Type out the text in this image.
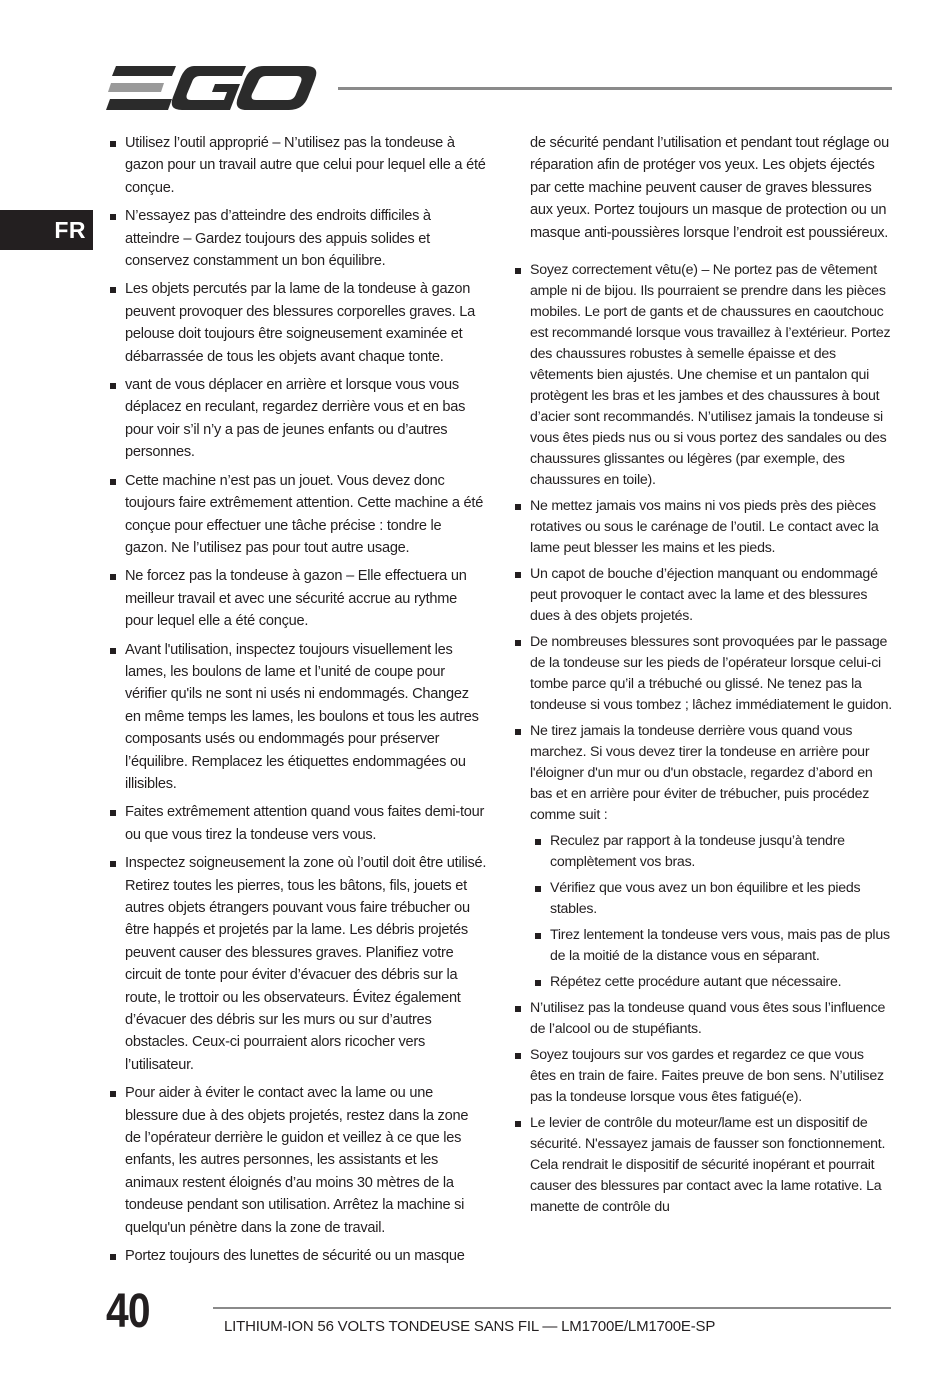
FR
Utilisez l’outil approprié – N’utilisez pas la tondeuse à gazon pour un travail autre que celui pour lequel elle a été conçue.
N’essayez pas d’atteindre des endroits difficiles à atteindre – Gardez toujours des appuis solides et conservez constamment un bon équilibre.
Les objets percutés par la lame de la tondeuse à gazon peuvent provoquer des blessures corporelles graves. La pelouse doit toujours être soigneusement examinée et débarrassée de tous les objets avant chaque tonte.
vant de vous déplacer en arrière et lorsque vous vous déplacez en reculant, regardez derrière vous et en bas pour voir s’il n’y a pas de jeunes enfants ou d’autres personnes.
Cette machine n’est pas un jouet. Vous devez donc toujours faire extrêmement attention. Cette machine a été conçue pour effectuer une tâche précise : tondre le gazon. Ne l’utilisez pas pour tout autre usage.
Ne forcez pas la tondeuse à gazon – Elle effectuera un meilleur travail et avec une sécurité accrue au rythme pour lequel elle a été conçue.
Avant l'utilisation, inspectez toujours visuellement les lames, les boulons de lame et l’unité de coupe pour vérifier qu'ils ne sont ni usés ni endommagés. Changez en même temps les lames, les boulons et tous les autres composants usés ou endommagés pour préserver l’équilibre. Remplacez les étiquettes endommagées ou illisibles.
Faites extrêmement attention quand vous faites demi-tour ou que vous tirez la tondeuse vers vous.
Inspectez soigneusement la zone où l’outil doit être utilisé. Retirez toutes les pierres, tous les bâtons, fils, jouets et autres objets étrangers pouvant vous faire trébucher ou être happés et projetés par la lame. Les débris projetés peuvent causer des blessures graves. Planifiez votre circuit de tonte pour éviter d’évacuer des débris sur la route, le trottoir ou les observateurs. Évitez également d’évacuer des débris sur les murs ou sur d’autres obstacles. Ceux-ci pourraient alors ricocher vers l’utilisateur.
Pour aider à éviter le contact avec la lame ou une blessure due à des objets projetés, restez dans la zone de l’opérateur derrière le guidon et veillez à ce que les enfants, les autres personnes, les assistants et les animaux restent éloignés d’au moins 30 mètres de la tondeuse pendant son utilisation. Arrêtez la machine si quelqu'un pénètre dans la zone de travail.
Portez toujours des lunettes de sécurité ou un masque
de sécurité pendant l’utilisation et pendant tout réglage ou réparation afin de protéger vos yeux. Les objets éjectés par cette machine peuvent causer de graves blessures aux yeux. Portez toujours un masque de protection ou un masque anti-poussières lorsque l’endroit est poussiéreux.
Soyez correctement vêtu(e) – Ne portez pas de vêtement ample ni de bijou. Ils pourraient se prendre dans les pièces mobiles. Le port de gants et de chaussures en caoutchouc est recommandé lorsque vous travaillez à l’extérieur. Portez des chaussures robustes à semelle épaisse et des vêtements bien ajustés. Une chemise et un pantalon qui protègent les bras et les jambes et des chaussures à bout d’acier sont recommandés. N’utilisez jamais la tondeuse si vous êtes pieds nus ou si vous portez des sandales ou des chaussures glissantes ou légères (par exemple, des chaussures en toile).
Ne mettez jamais vos mains ni vos pieds près des pièces rotatives ou sous le carénage de l’outil. Le contact avec la lame peut blesser les mains et les pieds.
Un capot de bouche d’éjection manquant ou endommagé peut provoquer le contact avec la lame et des blessures dues à des objets projetés.
De nombreuses blessures sont provoquées par le passage de la tondeuse sur les pieds de l’opérateur lorsque celui-ci tombe parce qu’il a trébuché ou glissé. Ne tenez pas la tondeuse si vous tombez ; lâchez immédiatement le guidon.
Ne tirez jamais la tondeuse derrière vous quand vous marchez. Si vous devez tirer la tondeuse en arrière pour l'éloigner d'un mur ou d'un obstacle, regardez d’abord en bas et en arrière pour éviter de trébucher, puis procédez comme suit :
Reculez par rapport à la tondeuse jusqu’à tendre complètement vos bras.
Vérifiez que vous avez un bon équilibre et les pieds stables.
Tirez lentement la tondeuse vers vous, mais pas de plus de la moitié de la distance vous en séparant.
Répétez cette procédure autant que nécessaire.
N’utilisez pas la tondeuse quand vous êtes sous l’influence de l’alcool ou de stupéfiants.
Soyez toujours sur vos gardes et regardez ce que vous êtes en train de faire. Faites preuve de bon sens. N’utilisez pas la tondeuse lorsque vous êtes fatigué(e).
Le levier de contrôle du moteur/lame est un dispositif de sécurité. N'essayez jamais de fausser son fonctionnement. Cela rendrait le dispositif de sécurité inopérant et pourrait causer des blessures par contact avec la lame rotative. La manette de contrôle du
40	LITHIUM-ION 56 VOLTS TONDEUSE SANS FIL — LM1700E/LM1700E-SP
